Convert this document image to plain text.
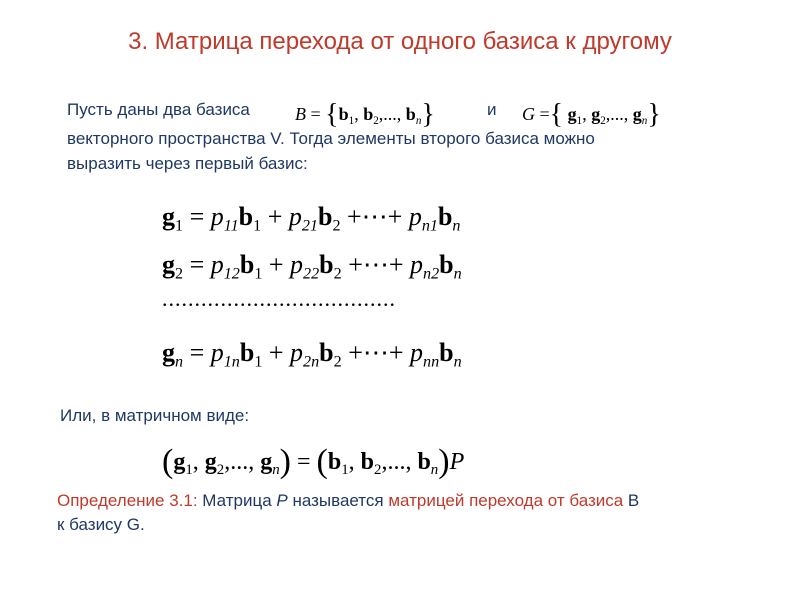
3. Матрица перехода от одного базиса к другому
Пусть даны два базиса	$B = \{b_1$, $b_2$,..., $b_n$}	и G ={ $g_1$, $g_2$,..., $g_n$}
векторного пространства V. Тогда элементы второго базиса можно
выразить через первый базис:
$g_1 = p_{11}b_1 + p_{21}b_2$ +⋯+ $p_{n1}b_n$
$g_2 = p_{12}b_1 + p_{22}b_2$ +⋯+ $p_{n2}b_n$
....................................
$g_n = p_{1n}b_1 + p_{2n}b_2$ +⋯+ $p_{nn}b_n$
Или, в матричном виде:
($g_1$, $g_2$,..., $g_n) = (b_1$, $b_2$,..., $b_n)P$
Определение 3.1: Матрица P называется матрицей перехода от базиса B
к базису G.
